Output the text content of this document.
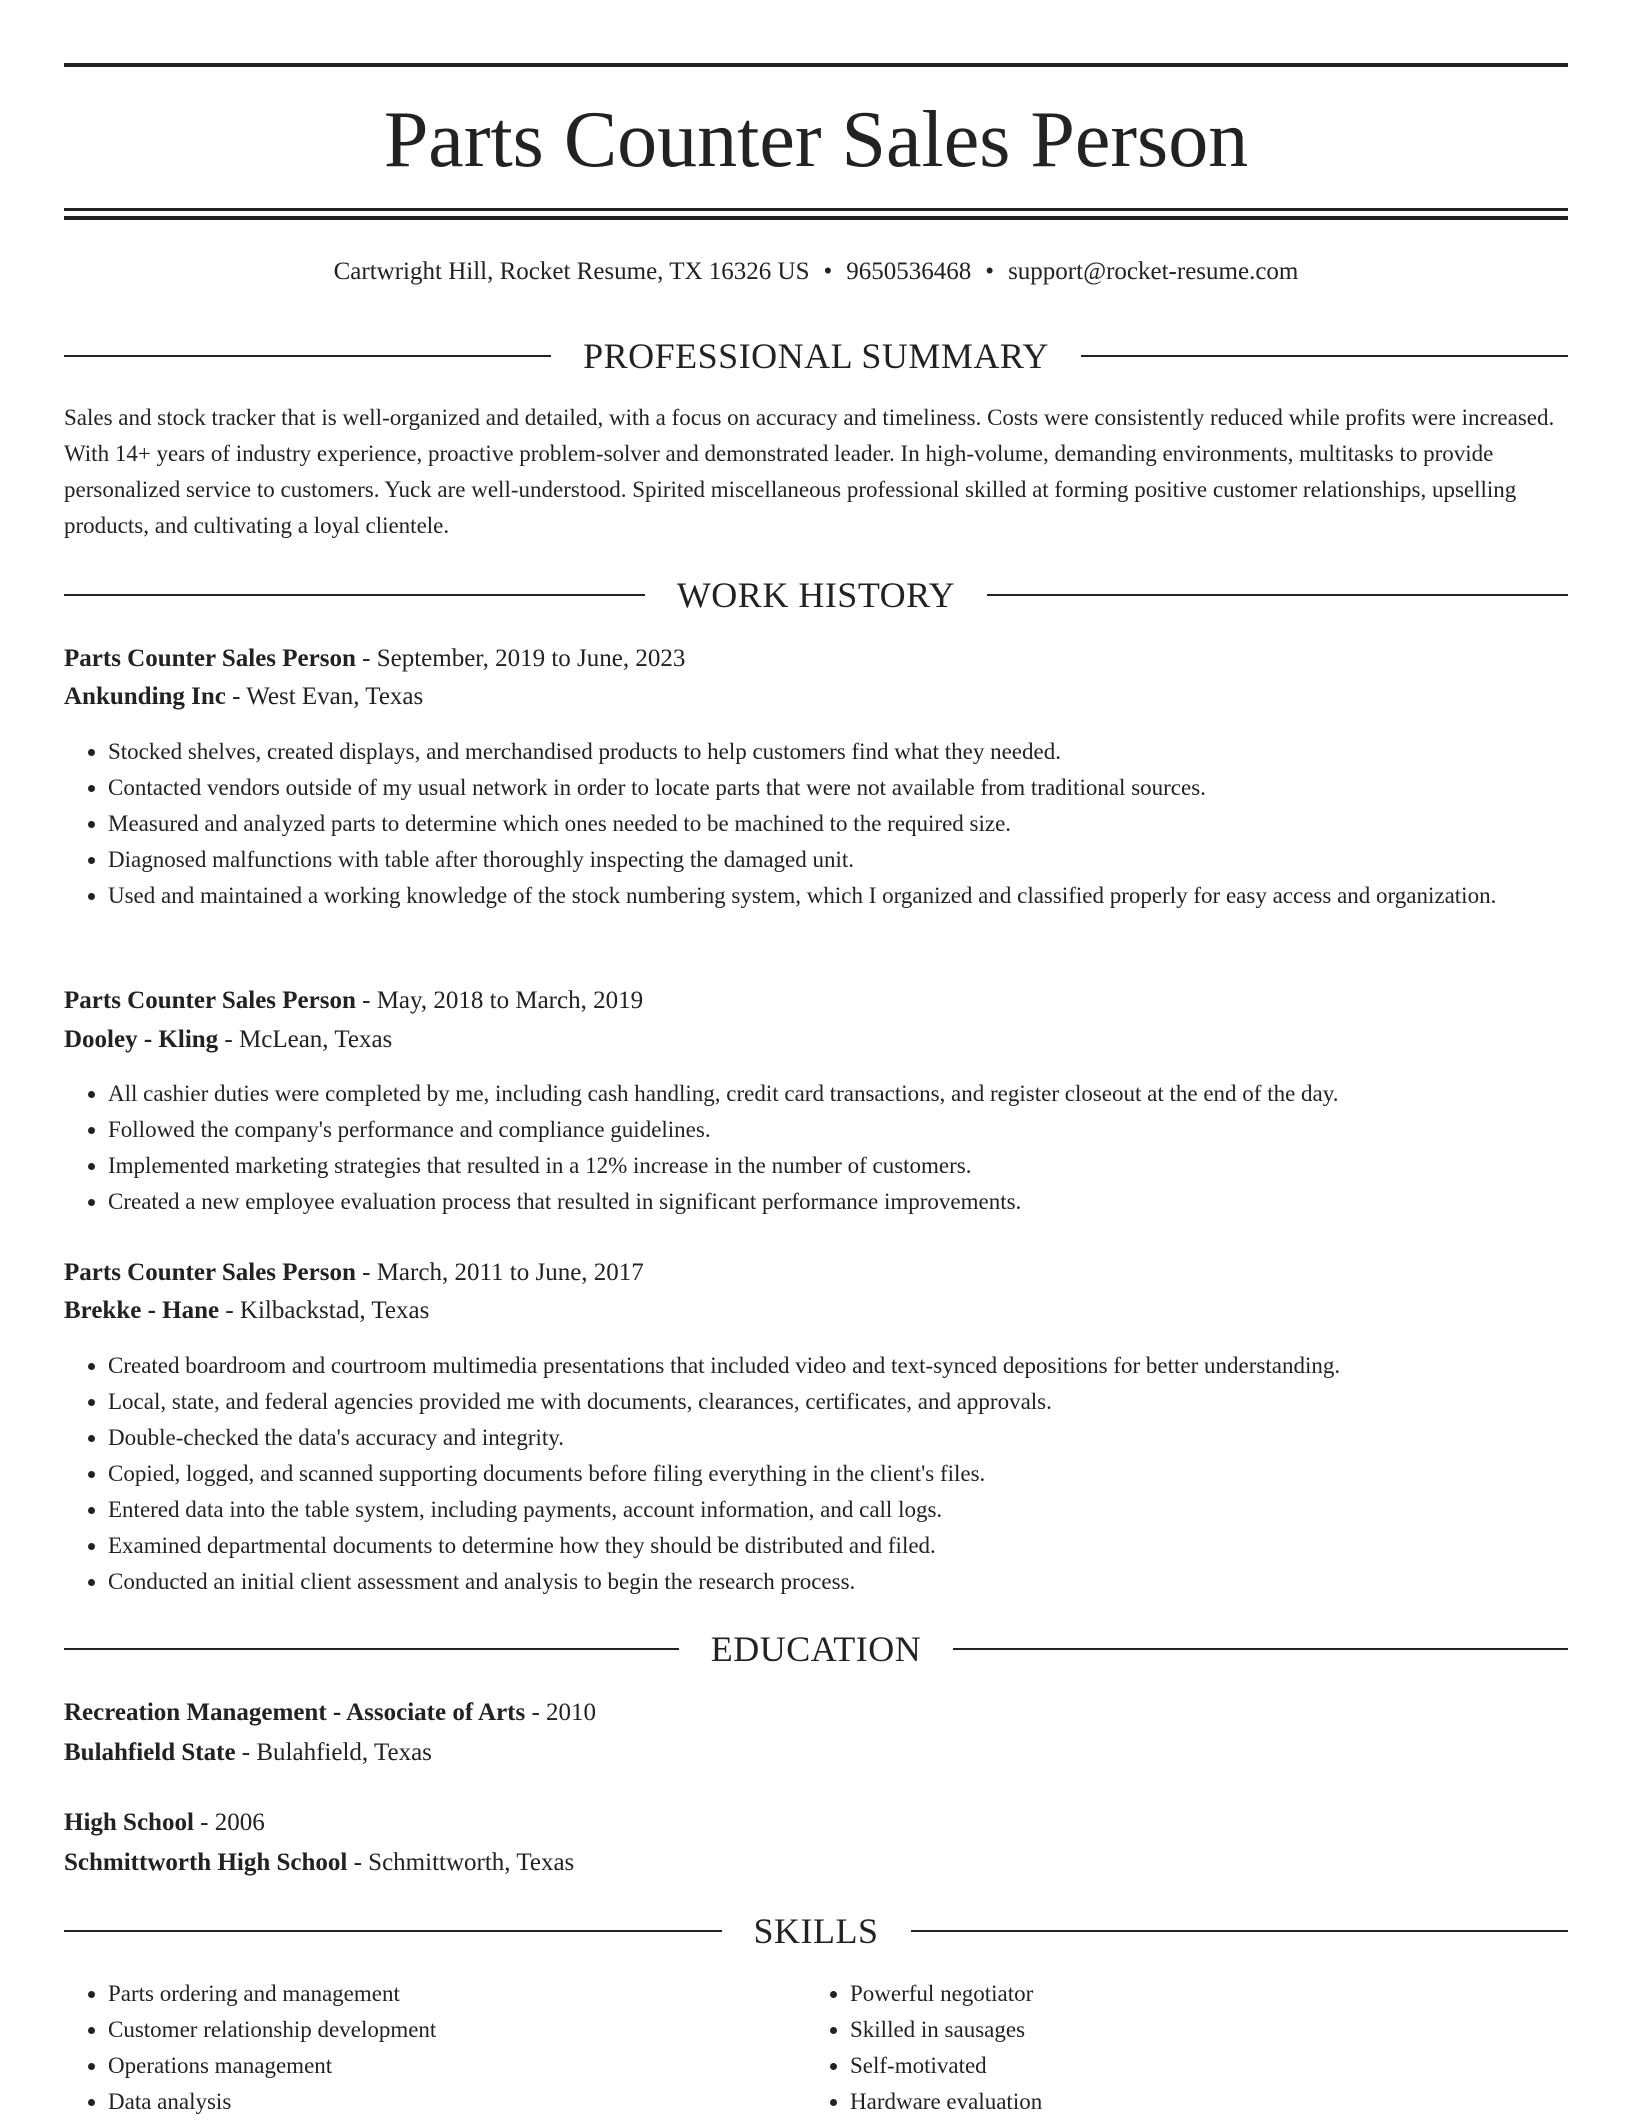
Parts Counter Sales Person
Cartwright Hill, Rocket Resume, TX 16326 US • 9650536468 • support@rocket-resume.com
PROFESSIONAL SUMMARY

Sales and stock tracker that is well-organized and detailed, with a focus on accuracy and timeliness. Costs were consistently reduced while profits were increased. With 14+ years of industry experience, proactive problem-solver and demonstrated leader. In high-volume, demanding environments, multitasks to provide personalized service to customers. Yuck are well-understood. Spirited miscellaneous professional skilled at forming positive customer relationships, upselling products, and cultivating a loyal clientele.

WORK HISTORY

Parts Counter Sales Person - September, 2019 to June, 2023

Ankunding Inc - West Evan, Texas

• Stocked shelves, created displays, and merchandised products to help customers find what they needed.
• Contacted vendors outside of my usual network in order to locate parts that were not available from traditional sources.
• Measured and analyzed parts to determine which ones needed to be machined to the required size.
• Diagnosed malfunctions with table after thoroughly inspecting the damaged unit.
• Used and maintained a working knowledge of the stock numbering system, which I organized and classified properly for easy access and organization.

Parts Counter Sales Person - May, 2018 to March, 2019

Dooley - Kling - McLean, Texas

• All cashier duties were completed by me, including cash handling, credit card transactions, and register closeout at the end of the day.
• Followed the company's performance and compliance guidelines.
• Implemented marketing strategies that resulted in a 12% increase in the number of customers.
• Created a new employee evaluation process that resulted in significant performance improvements.

Parts Counter Sales Person - March, 2011 to June, 2017

Brekke - Hane - Kilbackstad, Texas

• Created boardroom and courtroom multimedia presentations that included video and text-synced depositions for better understanding.
• Local, state, and federal agencies provided me with documents, clearances, certificates, and approvals.
• Double-checked the data's accuracy and integrity.
• Copied, logged, and scanned supporting documents before filing everything in the client's files.
• Entered data into the table system, including payments, account information, and call logs.
• Examined departmental documents to determine how they should be distributed and filed.
• Conducted an initial client assessment and analysis to begin the research process.
EDUCATION

Recreation Management - Associate of Arts - 2010

Bulahfield State - Bulahfield, Texas

High School - 2006

Schmittworth High School - Schmittworth, Texas

SKILLS
• Parts ordering and management
• Customer relationship development
• Operations management
• Data analysis
• Powerful negotiator
• Skilled in sausages
• Self-motivated
• Hardware evaluation
